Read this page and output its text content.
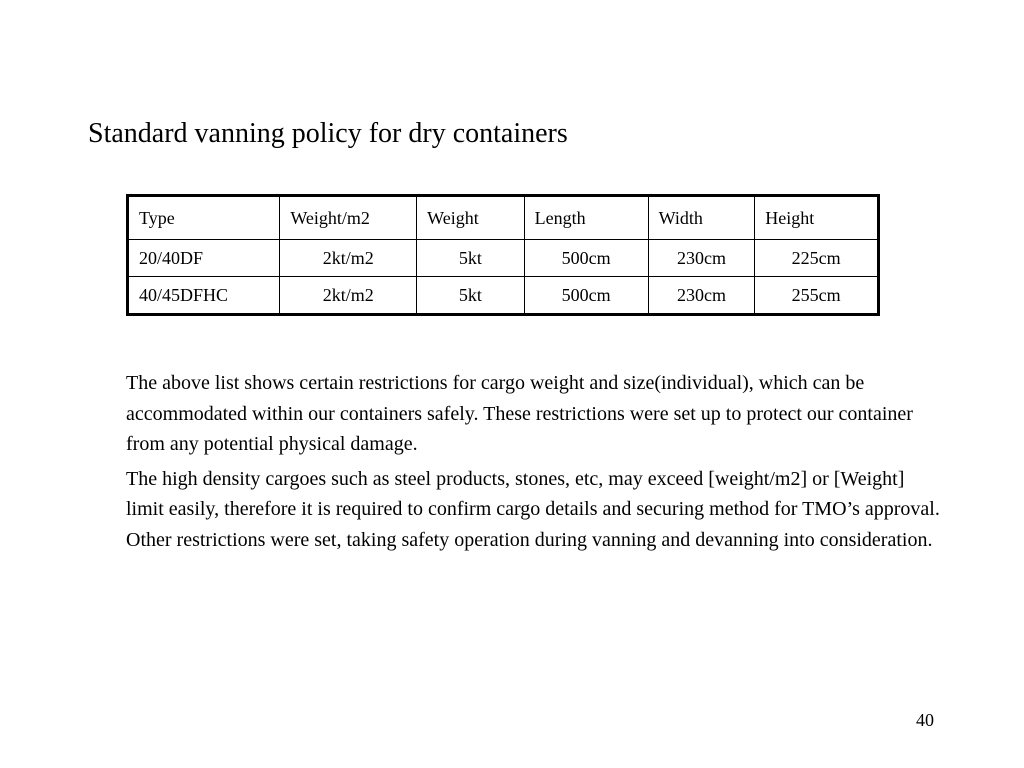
Standard vanning policy for dry containers
Type	Weight/m2	Weight	Length	Width	Height
20/40DF	2kt/m2	5kt	500cm	230cm	225cm
40/45DFHC	2kt/m2	5kt	500cm	230cm	255cm

The above list shows certain restrictions for cargo weight and size(individual), which can be accommodated within our containers safely. These restrictions were set up to protect our container from any potential physical damage.

The high density cargoes such as steel products, stones, etc, may exceed [weight/m2] or [Weight] limit easily, therefore it is required to confirm cargo details and securing method for TMO’s approval. Other restrictions were set, taking safety operation during vanning and devanning into consideration.

40
